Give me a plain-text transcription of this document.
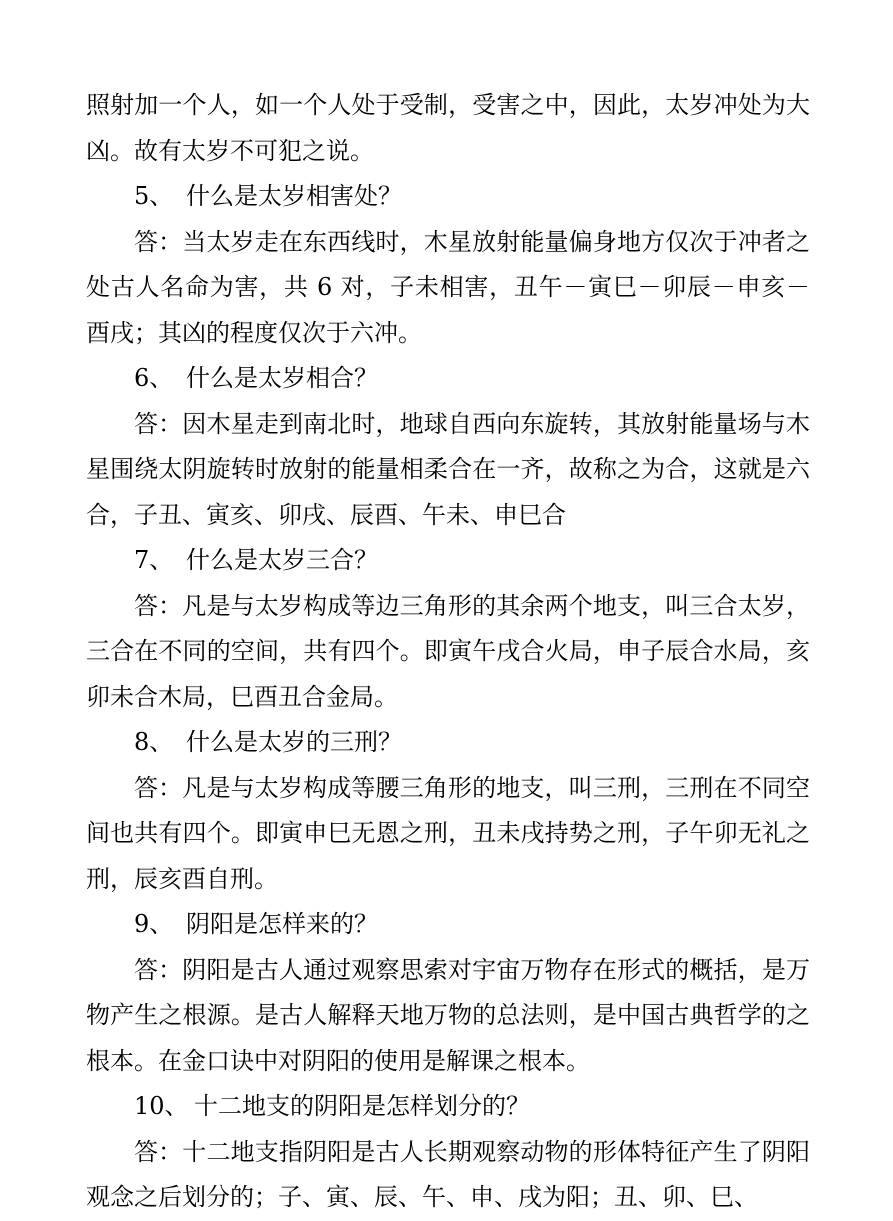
照射加一个人，如一个人处于受制，受害之中，因此，太岁冲处为大凶。故有太岁不可犯之说。

5、 什么是太岁相害处？

答：当太岁走在东西线时，木星放射能量偏身地方仅次于冲者之处古人名命为害，共 6 对，子未相害，丑午－寅巳－卯辰－申亥－酉戌；其凶的程度仅次于六冲。

6、 什么是太岁相合？

答：因木星走到南北时，地球自西向东旋转，其放射能量场与木星围绕太阴旋转时放射的能量相柔合在一齐，故称之为合，这就是六合，子丑、寅亥、卯戌、辰酉、午未、申巳合

7、 什么是太岁三合？

答：凡是与太岁构成等边三角形的其余两个地支，叫三合太岁，三合在不同的空间，共有四个。即寅午戌合火局，申子辰合水局，亥卯未合木局，巳酉丑合金局。

8、 什么是太岁的三刑？

答：凡是与太岁构成等腰三角形的地支，叫三刑，三刑在不同空间也共有四个。即寅申巳无恩之刑，丑未戌持势之刑，子午卯无礼之刑，辰亥酉自刑。

9、 阴阳是怎样来的？

答：阴阳是古人通过观察思索对宇宙万物存在形式的概括，是万物产生之根源。是古人解释天地万物的总法则，是中国古典哲学的之根本。在金口诀中对阴阳的使用是解课之根本。

10、 十二地支的阴阳是怎样划分的？

答：十二地支指阴阳是古人长期观察动物的形体特征产生了阴阳观念之后划分的；子、寅、辰、午、申、戌为阳；丑、卯、巳、
